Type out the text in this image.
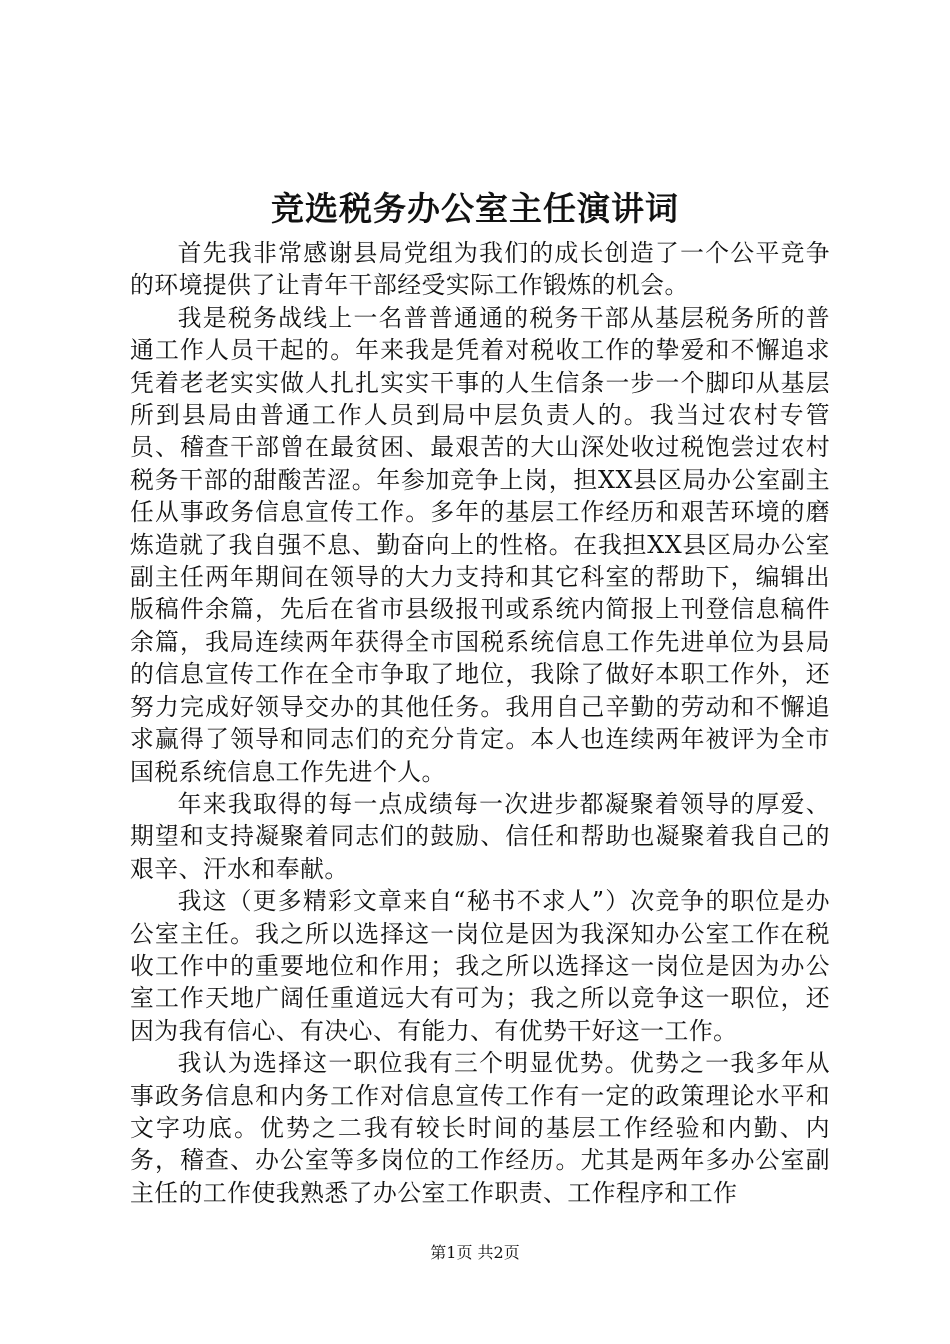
竞选税务办公室主任演讲词

首先我非常感谢县局党组为我们的成长创造了一个公平竞争的环境提供了让青年干部经受实际工作锻炼的机会。

我是税务战线上一名普普通通的税务干部从基层税务所的普通工作人员干起的。年来我是凭着对税收工作的挚爱和不懈追求凭着老老实实做人扎扎实实干事的人生信条一步一个脚印从基层所到县局由普通工作人员到局中层负责人的。我当过农村专管员、稽查干部曾在最贫困、最艰苦的大山深处收过税饱尝过农村税务干部的甜酸苦涩。年参加竞争上岗，担XX县区局办公室副主任从事政务信息宣传工作。多年的基层工作经历和艰苦环境的磨炼造就了我自强不息、勤奋向上的性格。在我担XX县区局办公室副主任两年期间在领导的大力支持和其它科室的帮助下，编辑出版稿件余篇，先后在省市县级报刊或系统内简报上刊登信息稿件余篇，我局连续两年获得全市国税系统信息工作先进单位为县局的信息宣传工作在全市争取了地位，我除了做好本职工作外，还努力完成好领导交办的其他任务。我用自己辛勤的劳动和不懈追求赢得了领导和同志们的充分肯定。本人也连续两年被评为全市国税系统信息工作先进个人。

年来我取得的每一点成绩每一次进步都凝聚着领导的厚爱、期望和支持凝聚着同志们的鼓励、信任和帮助也凝聚着我自己的艰辛、汗水和奉献。

我这（更多精彩文章来自“秘书不求人”）次竞争的职位是办公室主任。我之所以选择这一岗位是因为我深知办公室工作在税收工作中的重要地位和作用；我之所以选择这一岗位是因为办公室工作天地广阔任重道远大有可为；我之所以竞争这一职位，还因为我有信心、有决心、有能力、有优势干好这一工作。

我认为选择这一职位我有三个明显优势。优势之一我多年从事政务信息和内务工作对信息宣传工作有一定的政策理论水平和文字功底。优势之二我有较长时间的基层工作经验和内勤、内务，稽查、办公室等多岗位的工作经历。尤其是两年多办公室副主任的工作使我熟悉了办公室工作职责、工作程序和工作

第1页 共2页
